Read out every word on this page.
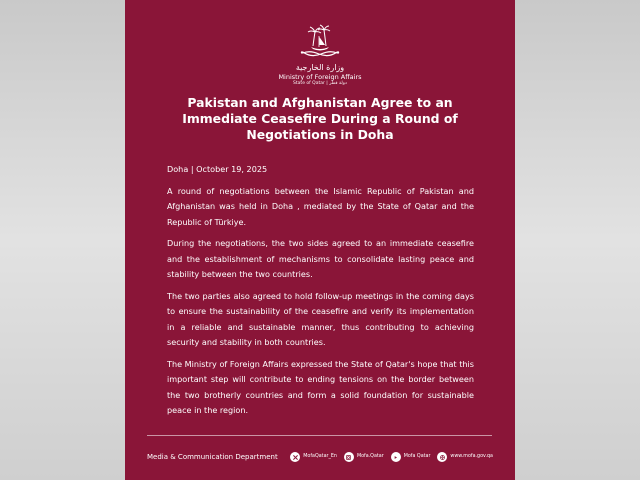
وزارة الخارجية
Ministry of Foreign Affairs
State of Qatar | دولة قطر
Pakistan and Afghanistan Agree to an Immediate Ceasefire During a Round of Negotiations in Doha

Doha | October 19, 2025

A round of negotiations between the Islamic Republic of Pakistan and Afghanistan was held in Doha , mediated by the State of Qatar and the Republic of Türkiye.

During the negotiations, the two sides agreed to an immediate ceasefire and the establishment of mechanisms to consolidate lasting peace and stability between the two countries.

The two parties also agreed to hold follow-up meetings in the coming days to ensure the sustainability of the ceasefire and verify its implementation in a reliable and sustainable manner, thus contributing to achieving security and stability in both countries.

The Ministry of Foreign Affairs expressed the State of Qatar's hope that this important step will contribute to ending tensions on the border between the two brotherly countries and form a solid foundation for sustainable peace in the region.

Media & Communication Department	MofaQatar_En	Mofa.Qatar	Mofa Qatar	www.mofa.gov.qa
